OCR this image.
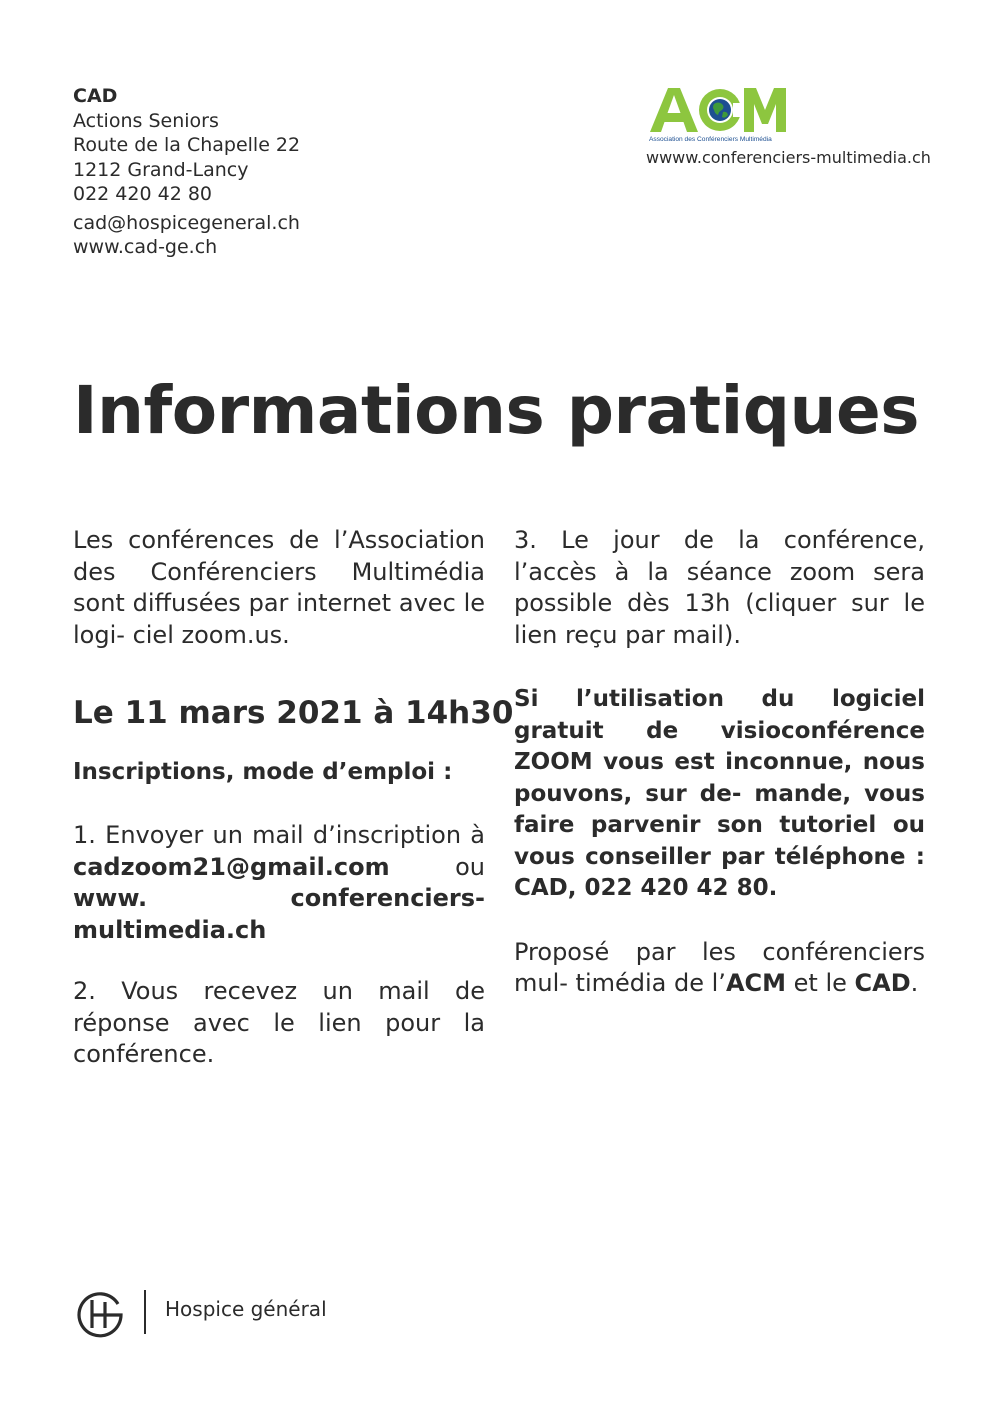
CAD
Actions Seniors
Route de la Chapelle 22
1212 Grand-Lancy
022 420 42 80
cad@hospicegeneral.ch
www.cad-ge.ch
Association des Conférenciers Multimédia
wwww.conferenciers-multimedia.ch
Informations pratiques

Les conférences de l’Association des Conférenciers Multimédia sont diffusées par internet avec le logi- ciel zoom.us.

Le 11 mars 2021 à 14h30

Inscriptions, mode d’emploi :

1. Envoyer un mail d’inscription à cadzoom21@gmail.com	ou www.	conferenciers-multimedia.ch

2. Vous recevez un mail de réponse avec le lien pour la conférence.

3. Le jour de la conférence, l’accès à la séance zoom sera possible dès 13h (cliquer sur le lien reçu par mail).

Si l’utilisation du logiciel gratuit de visioconférence ZOOM vous est inconnue, nous pouvons, sur de- mande, vous faire parvenir son tutoriel ou vous conseiller par téléphone : CAD, 022 420 42 80.

Proposé par les conférenciers mul- timédia de l’ACM et le CAD.

Hospice général
